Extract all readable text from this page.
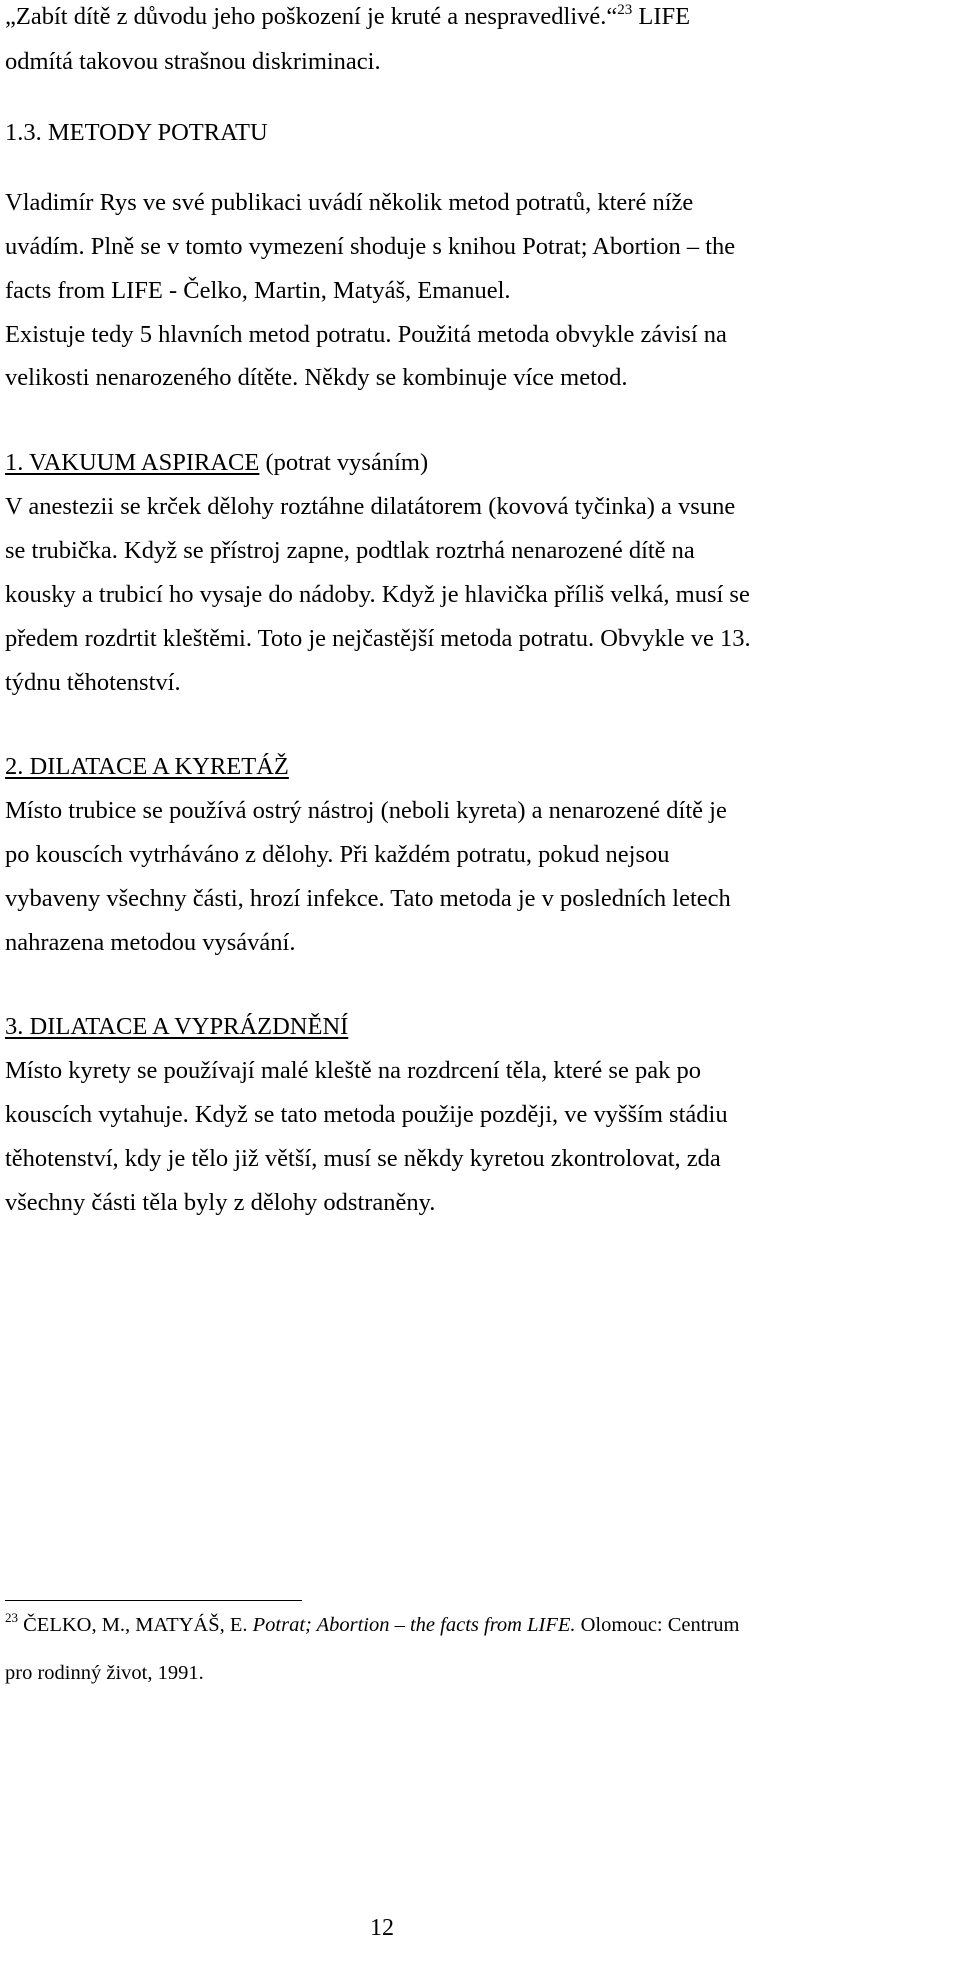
„Zabít dítě z důvodu jeho poškození je kruté a nespravedlivé.“$^{23}$ LIFE

odmítá takovou strašnou diskriminaci.

1.3. METODY POTRATU

Vladimír Rys ve své publikaci uvádí několik metod potratů, které níže

uvádím. Plně se v tomto vymezení shoduje s knihou Potrat; Abortion – the

facts from LIFE - Čelko, Martin, Matyáš, Emanuel.

Existuje tedy 5 hlavních metod potratu. Použitá metoda obvykle závisí na

velikosti nenarozeného dítěte. Někdy se kombinuje více metod.

1. VAKUUM ASPIRACE (potrat vysáním)

V anestezii se krček dělohy roztáhne dilatátorem (kovová tyčinka) a vsune

se trubička. Když se přístroj zapne, podtlak roztrhá nenarozené dítě na

kousky a trubicí ho vysaje do nádoby. Když je hlavička příliš velká, musí se

předem rozdrtit kleštěmi. Toto je nejčastější metoda potratu. Obvykle ve 13.

týdnu těhotenství.

2. DILATACE A KYRETÁŽ

Místo trubice se používá ostrý nástroj (neboli kyreta) a nenarozené dítě je

po kouscích vytrháváno z dělohy. Při každém potratu, pokud nejsou

vybaveny všechny části, hrozí infekce. Tato metoda je v posledních letech

nahrazena metodou vysávání.

3. DILATACE A VYPRÁZDNĚNÍ

Místo kyrety se používají malé kleště na rozdrcení těla, které se pak po

kouscích vytahuje. Když se tato metoda použije později, ve vyšším stádiu

těhotenství, kdy je tělo již větší, musí se někdy kyretou zkontrolovat, zda

všechny části těla byly z dělohy odstraněny.

$^{23}$ ČELKO, M., MATYÁŠ, E. Potrat; Abortion – the facts from LIFE. Olomouc: Centrum

pro rodinný život, 1991.

12
